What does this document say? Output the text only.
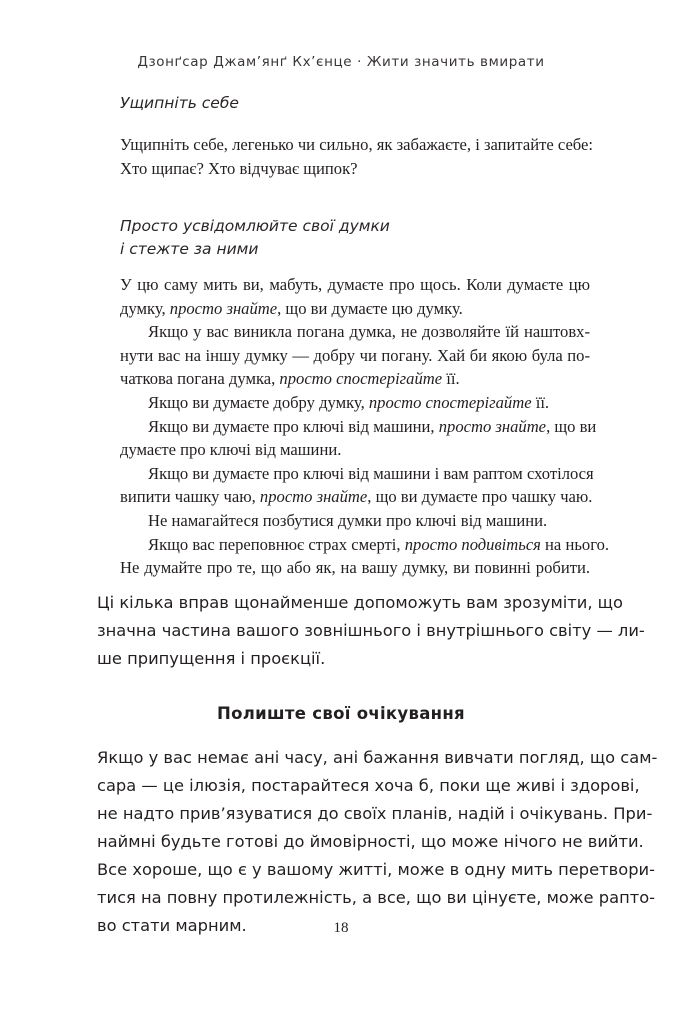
Дзонґсар Джам’янґ Кх’єнце · Жити значить вмирати
Ущипніть себе
Ущипніть себе, легенько чи сильно, як забажаєте, і запитайте себе:
Хто щипає? Хто відчуває щипок?
Просто усвідомлюйте свої думки
і стежте за ними
У цю саму мить ви, мабуть, думаєте про щось. Коли думаєте цю
думку, просто знайте, що ви думаєте цю думку.
Якщо у вас виникла погана думка, не дозволяйте їй наштовх-
нути вас на іншу думку — добру чи погану. Хай би якою була по-
чаткова погана думка, просто спостерігайте її.
Якщо ви думаєте добру думку, просто спостерігайте її.
Якщо ви думаєте про ключі від машини, просто знайте, що ви
думаєте про ключі від машини.
Якщо ви думаєте про ключі від машини і вам раптом схотілося
випити чашку чаю, просто знайте, що ви думаєте про чашку чаю.
Не намагайтеся позбутися думки про ключі від машини.
Якщо вас переповнює страх смерті, просто подивіться на нього.
Не думайте про те, що або як, на вашу думку, ви повинні робити.
Ці кілька вправ щонайменше допоможуть вам зрозуміти, що
значна частина вашого зовнішнього і внутрішнього світу — ли-
ше припущення і проєкції.
Полиште свої очікування
Якщо у вас немає ані часу, ані бажання вивчати погляд, що сам-
сара — це ілюзія, постарайтеся хоча б, поки ще живі і здорові,
не надто прив’язуватися до своїх планів, надій і очікувань. При-
наймні будьте готові до ймовірності, що може нічого не вийти.
Все хороше, що є у вашому житті, може в одну мить перетвори-
тися на повну протилежність, а все, що ви цінуєте, може рапто-
во стати марним.	18
